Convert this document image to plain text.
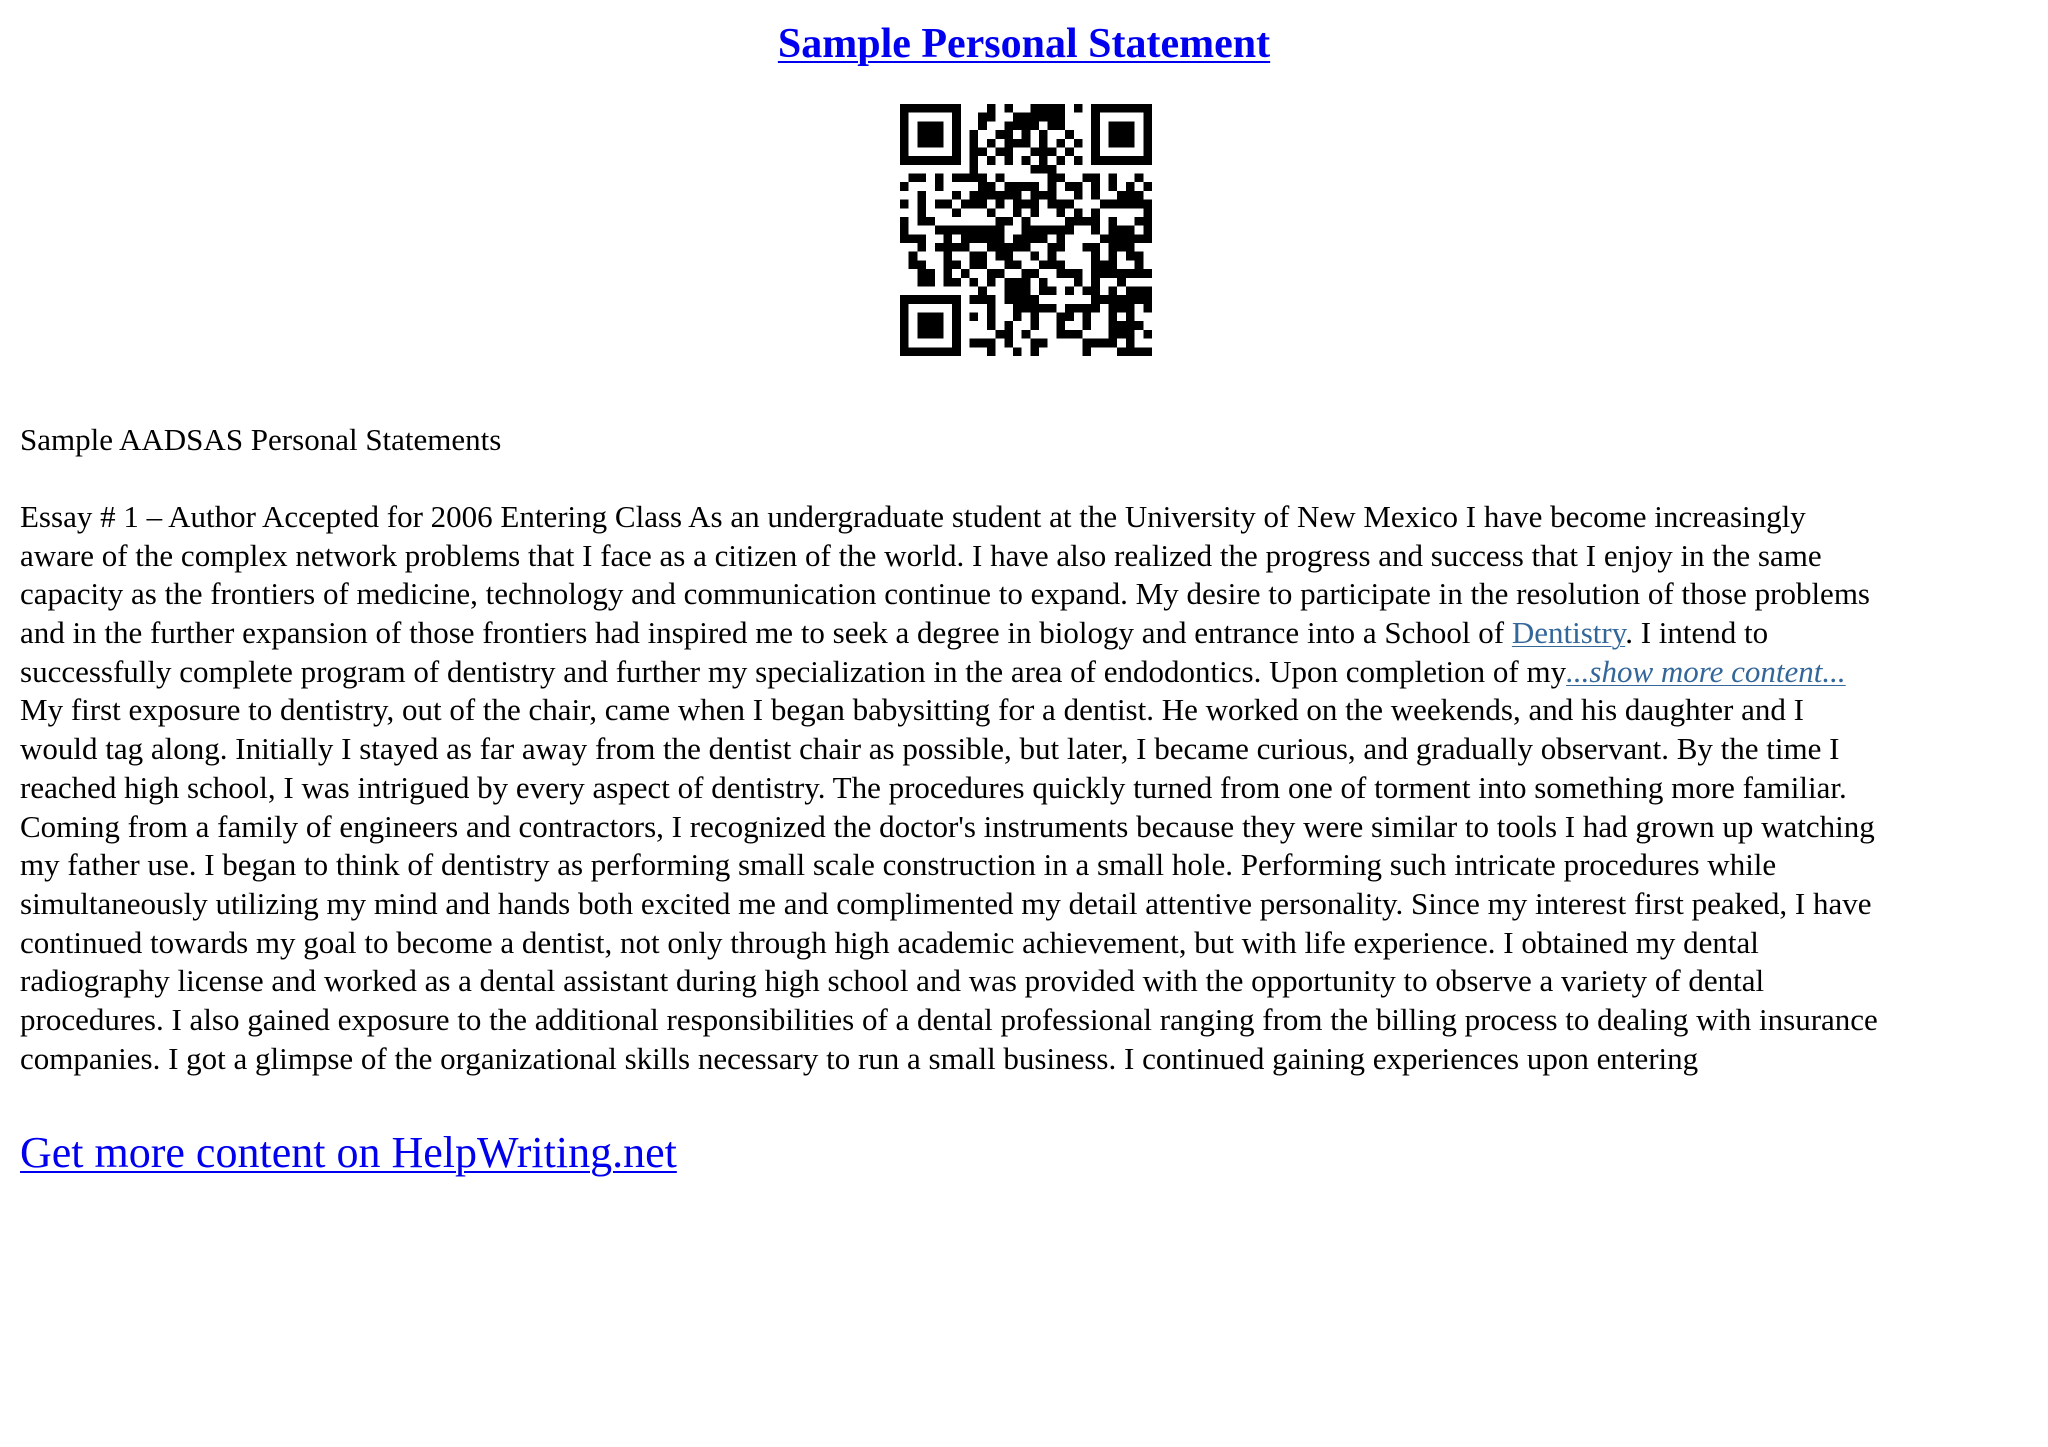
Sample Personal Statement
Sample AADSAS Personal Statements
Essay # 1 – Author Accepted for 2006 Entering Class As an undergraduate student at the University of New Mexico I have become increasingly
aware of the complex network problems that I face as a citizen of the world. I have also realized the progress and success that I enjoy in the same
capacity as the frontiers of medicine, technology and communication continue to expand. My desire to participate in the resolution of those problems
and in the further expansion of those frontiers had inspired me to seek a degree in biology and entrance into a School of Dentistry. I intend to
successfully complete program of dentistry and further my specialization in the area of endodontics. Upon completion of my...show more content...
My first exposure to dentistry, out of the chair, came when I began babysitting for a dentist. He worked on the weekends, and his daughter and I
would tag along. Initially I stayed as far away from the dentist chair as possible, but later, I became curious, and gradually observant. By the time I
reached high school, I was intrigued by every aspect of dentistry. The procedures quickly turned from one of torment into something more familiar.
Coming from a family of engineers and contractors, I recognized the doctor's instruments because they were similar to tools I had grown up watching
my father use. I began to think of dentistry as performing small scale construction in a small hole. Performing such intricate procedures while
simultaneously utilizing my mind and hands both excited me and complimented my detail attentive personality. Since my interest first peaked, I have
continued towards my goal to become a dentist, not only through high academic achievement, but with life experience. I obtained my dental
radiography license and worked as a dental assistant during high school and was provided with the opportunity to observe a variety of dental
procedures. I also gained exposure to the additional responsibilities of a dental professional ranging from the billing process to dealing with insurance
companies. I got a glimpse of the organizational skills necessary to run a small business. I continued gaining experiences upon entering
Get more content on HelpWriting.net
